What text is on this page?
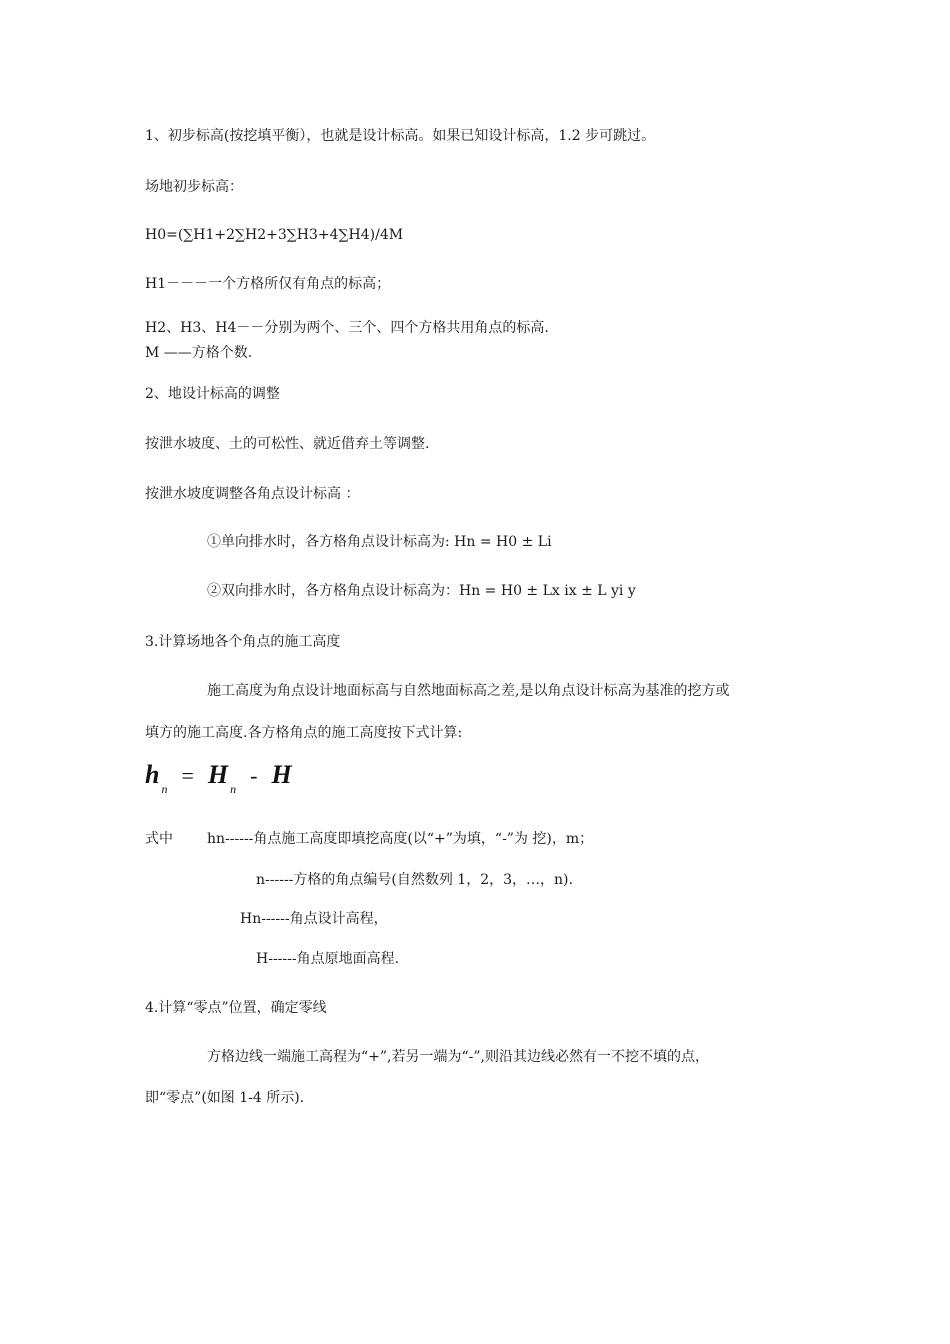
1、初步标高(按挖填平衡），也就是设计标高。如果已知设计标高，1.2 步可跳过。
场地初步标高：
H0=(∑H1+2∑H2+3∑H3+4∑H4)/4M
H1－－－一个方格所仅有角点的标高；
H2、H3、H4－－分别为两个、三个、四个方格共用角点的标高.
M ——方格个数.
2、地设计标高的调整
按泄水坡度、土的可松性、就近借弃土等调整.
按泄水坡度调整各角点设计标高 ：
①单向排水时，各方格角点设计标高为: Hn = H0 ± Li
②双向排水时，各方格角点设计标高为：Hn = H0 ± Lx ix ± L yi y
3.计算场地各个角点的施工高度
施工高度为角点设计地面标高与自然地面标高之差,是以角点设计标高为基准的挖方或
填方的施工高度.各方格角点的施工高度按下式计算:
h $_n$ = H $_n$ - H
式中 hn------角点施工高度即填挖高度(以“+”为填，“-”为 挖)，m；
n------方格的角点编号(自然数列 1，2，3，…，n).
Hn------角点设计高程，
H------角点原地面高程.
4.计算“零点”位置，确定零线
方格边线一端施工高程为“+”,若另一端为“-”,则沿其边线必然有一不挖不填的点，
即“零点”(如图 1-4 所示).
